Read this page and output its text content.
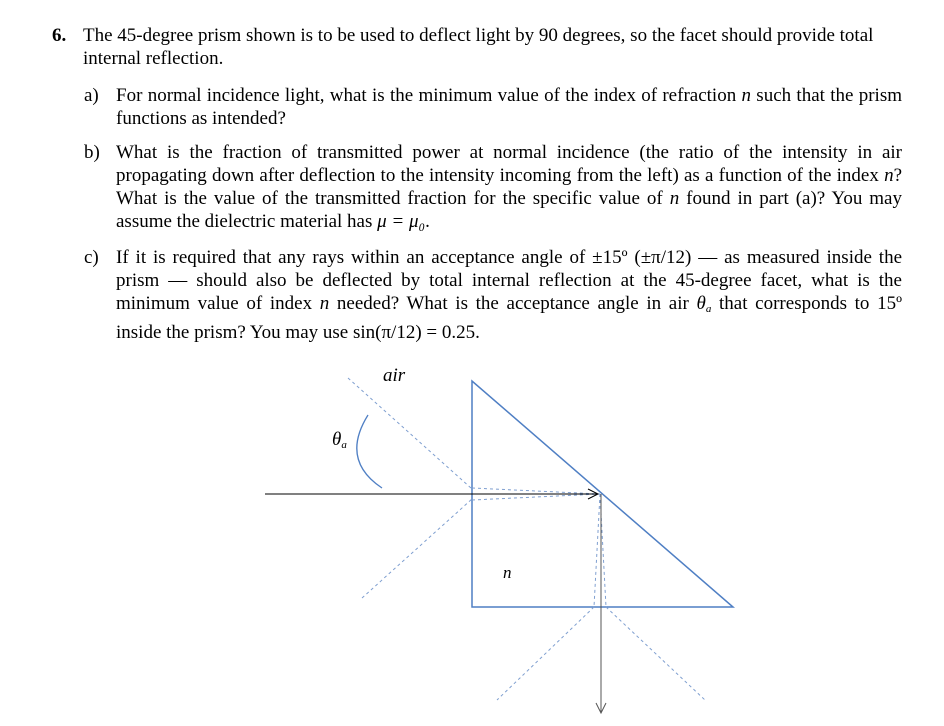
6. The 45-degree prism shown is to be used to deflect light by 90 degrees, so the facet should provide total internal reflection.
a) For normal incidence light, what is the minimum value of the index of refraction n such that the prism functions as intended?
b) What is the fraction of transmitted power at normal incidence (the ratio of the intensity in air propagating down after deflection to the intensity incoming from the left) as a function of the index n? What is the value of the transmitted fraction for the specific value of n found in part (a)? You may assume the dielectric material has μ = μ₀.
c) If it is required that any rays within an acceptance angle of ±15º (±π/12) — as measured inside the prism — should also be deflected by total internal reflection at the 45-degree facet, what is the minimum value of index n needed? What is the acceptance angle in air $\theta_a$ that corresponds to 15º inside the prism? You may use sin(π/12) = 0.25.
air
n
$\theta_a$
